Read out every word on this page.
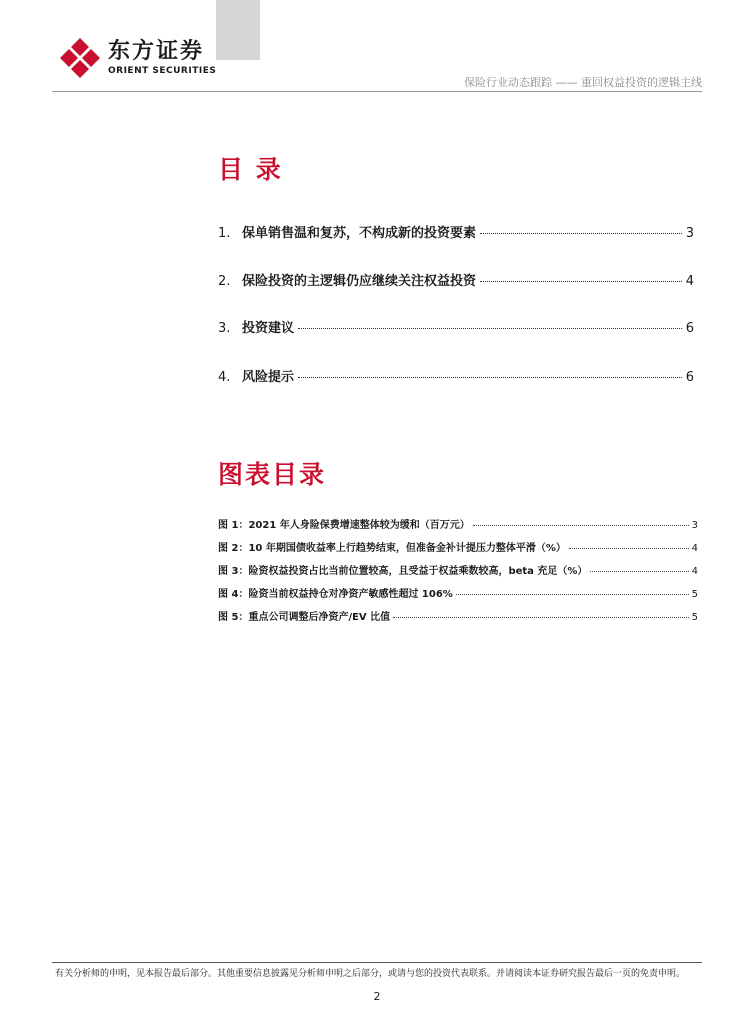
东方证券
ORIENT SECURITIES
保险行业动态跟踪 —— 重回权益投资的逻辑主线
目 录
1. 保单销售温和复苏，不构成新的投资要素	3
2. 保险投资的主逻辑仍应继续关注权益投资	4
3. 投资建议	6
4. 风险提示	6
图表目录
图 1：2021 年人身险保费增速整体较为缓和（百万元）	3
图 2：10 年期国债收益率上行趋势结束，但准备金补计提压力整体平滑（%）	4
图 3：险资权益投资占比当前位置较高，且受益于权益乘数较高，beta 充足（%）	4
图 4：险资当前权益持仓对净资产敏感性超过 106%	5
图 5：重点公司调整后净资产/EV 比值	5
有关分析师的申明，见本报告最后部分。其他重要信息披露见分析师申明之后部分，或请与您的投资代表联系。并请阅读本证券研究报告最后一页的免责申明。
2
